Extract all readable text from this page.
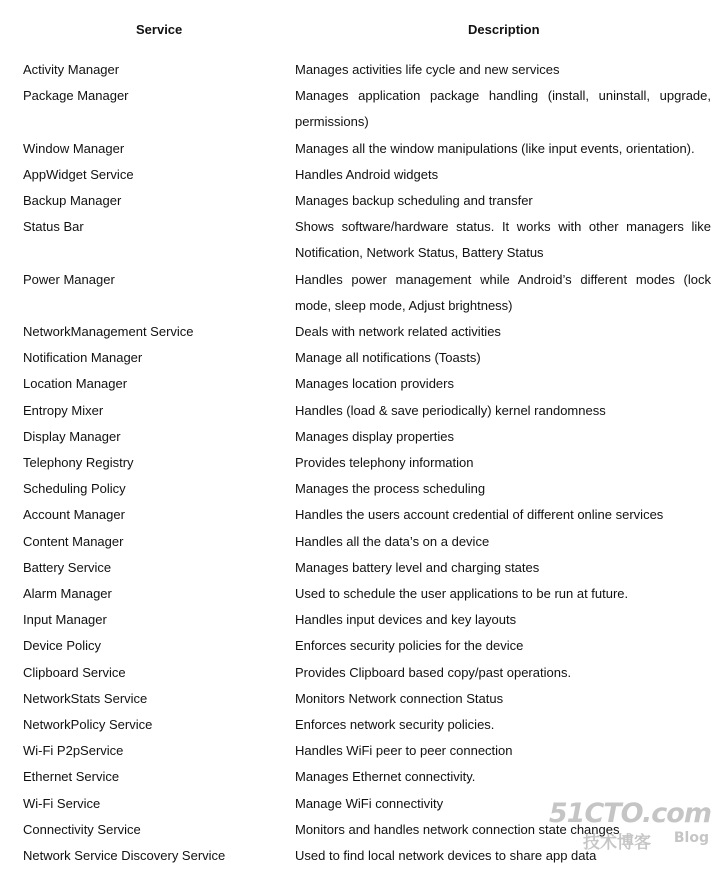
Service	Description
Activity Manager	Manages activities life cycle and new services
Package Manager	Manages application package handling (install, uninstall, upgrade, permissions)
Window Manager	Manages all the window manipulations (like input events, orientation).
AppWidget Service	Handles Android widgets
Backup Manager	Manages backup scheduling and transfer
Status Bar	Shows software/hardware status. It works with other managers like Notification, Network Status, Battery Status
Power Manager	Handles power management while Android’s different modes (lock mode, sleep mode, Adjust brightness)
NetworkManagement Service	Deals with network related activities
Notification Manager	Manage all notifications (Toasts)
Location Manager	Manages location providers
Entropy Mixer	Handles (load & save periodically) kernel randomness
Display Manager	Manages display properties
Telephony Registry	Provides telephony information
Scheduling Policy	Manages the process scheduling
Account Manager	Handles the users account credential of different online services
Content Manager	Handles all the data’s on a device
Battery Service	Manages battery level and charging states
Alarm Manager	Used to schedule the user applications to be run at future.
Input Manager	Handles input devices and key layouts
Device Policy	Enforces security policies for the device
Clipboard Service	Provides Clipboard based copy/past operations.
NetworkStats Service	Monitors Network connection Status
NetworkPolicy Service	Enforces network security policies.
Wi-Fi P2pService	Handles WiFi peer to peer connection
Ethernet Service	Manages Ethernet connectivity.
Wi-Fi Service	Manage WiFi connectivity
Connectivity Service	Monitors and handles network connection state changes
Network Service Discovery Service	Used to find local network devices to share app data
51CTO.com
技术博客 Blog
